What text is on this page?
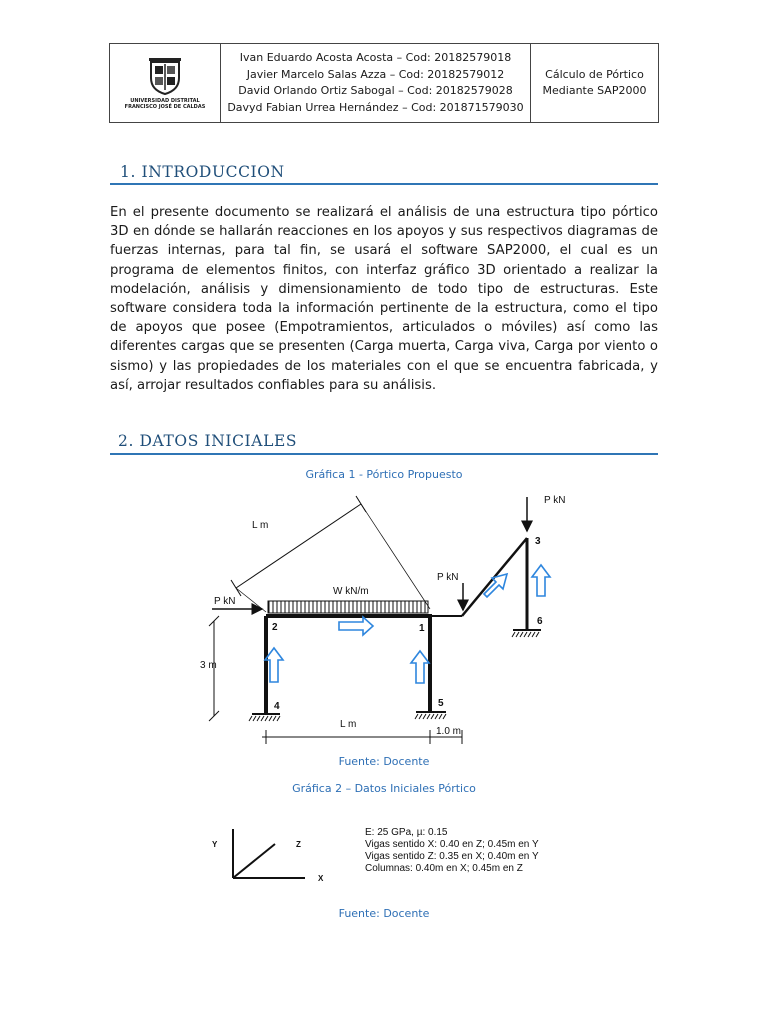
UNIVERSIDAD DISTRITAL
FRANCISCO JOSÉ DE CALDAS
Ivan Eduardo Acosta Acosta – Cod: 20182579018
Javier Marcelo Salas Azza – Cod: 20182579012
David Orlando Ortiz Sabogal – Cod: 20182579028
Davyd Fabian Urrea Hernández – Cod: 201871579030
Cálculo de Pórtico
Mediante SAP2000
1. INTRODUCCION

En el presente documento se realizará el análisis de una estructura tipo pórtico 3D en dónde se hallarán reacciones en los apoyos y sus respectivos diagramas de fuerzas internas, para tal fin, se usará el software SAP2000, el cual es un programa de elementos finitos, con interfaz gráfico 3D orientado a realizar la modelación, análisis y dimensionamiento de todo tipo de estructuras. Este software considera toda la información pertinente de la estructura, como el tipo de apoyos que posee (Empotramientos, articulados o móviles) así como las diferentes cargas que se presenten (Carga muerta, Carga viva, Carga por viento o sismo) y las propiedades de los materiales con el que se encuentra fabricada, y así, arrojar resultados confiables para su análisis.

2. DATOS INICIALES
Gráfica 1 - Pórtico Propuesto
L m
W kN/m
P kN
P kN
P kN
3 m
L m
1.0 m
1
2
3
4	5
6
Fuente: Docente
Gráfica 2 – Datos Iniciales Pórtico
Y	Z
X
E: 25 GPa, µ: 0.15
Vigas sentido X: 0.40 en Z; 0.45m en Y
Vigas sentido Z: 0.35 en X; 0.40m en Y
Columnas: 0.40m en X; 0.45m en Z
Fuente: Docente
